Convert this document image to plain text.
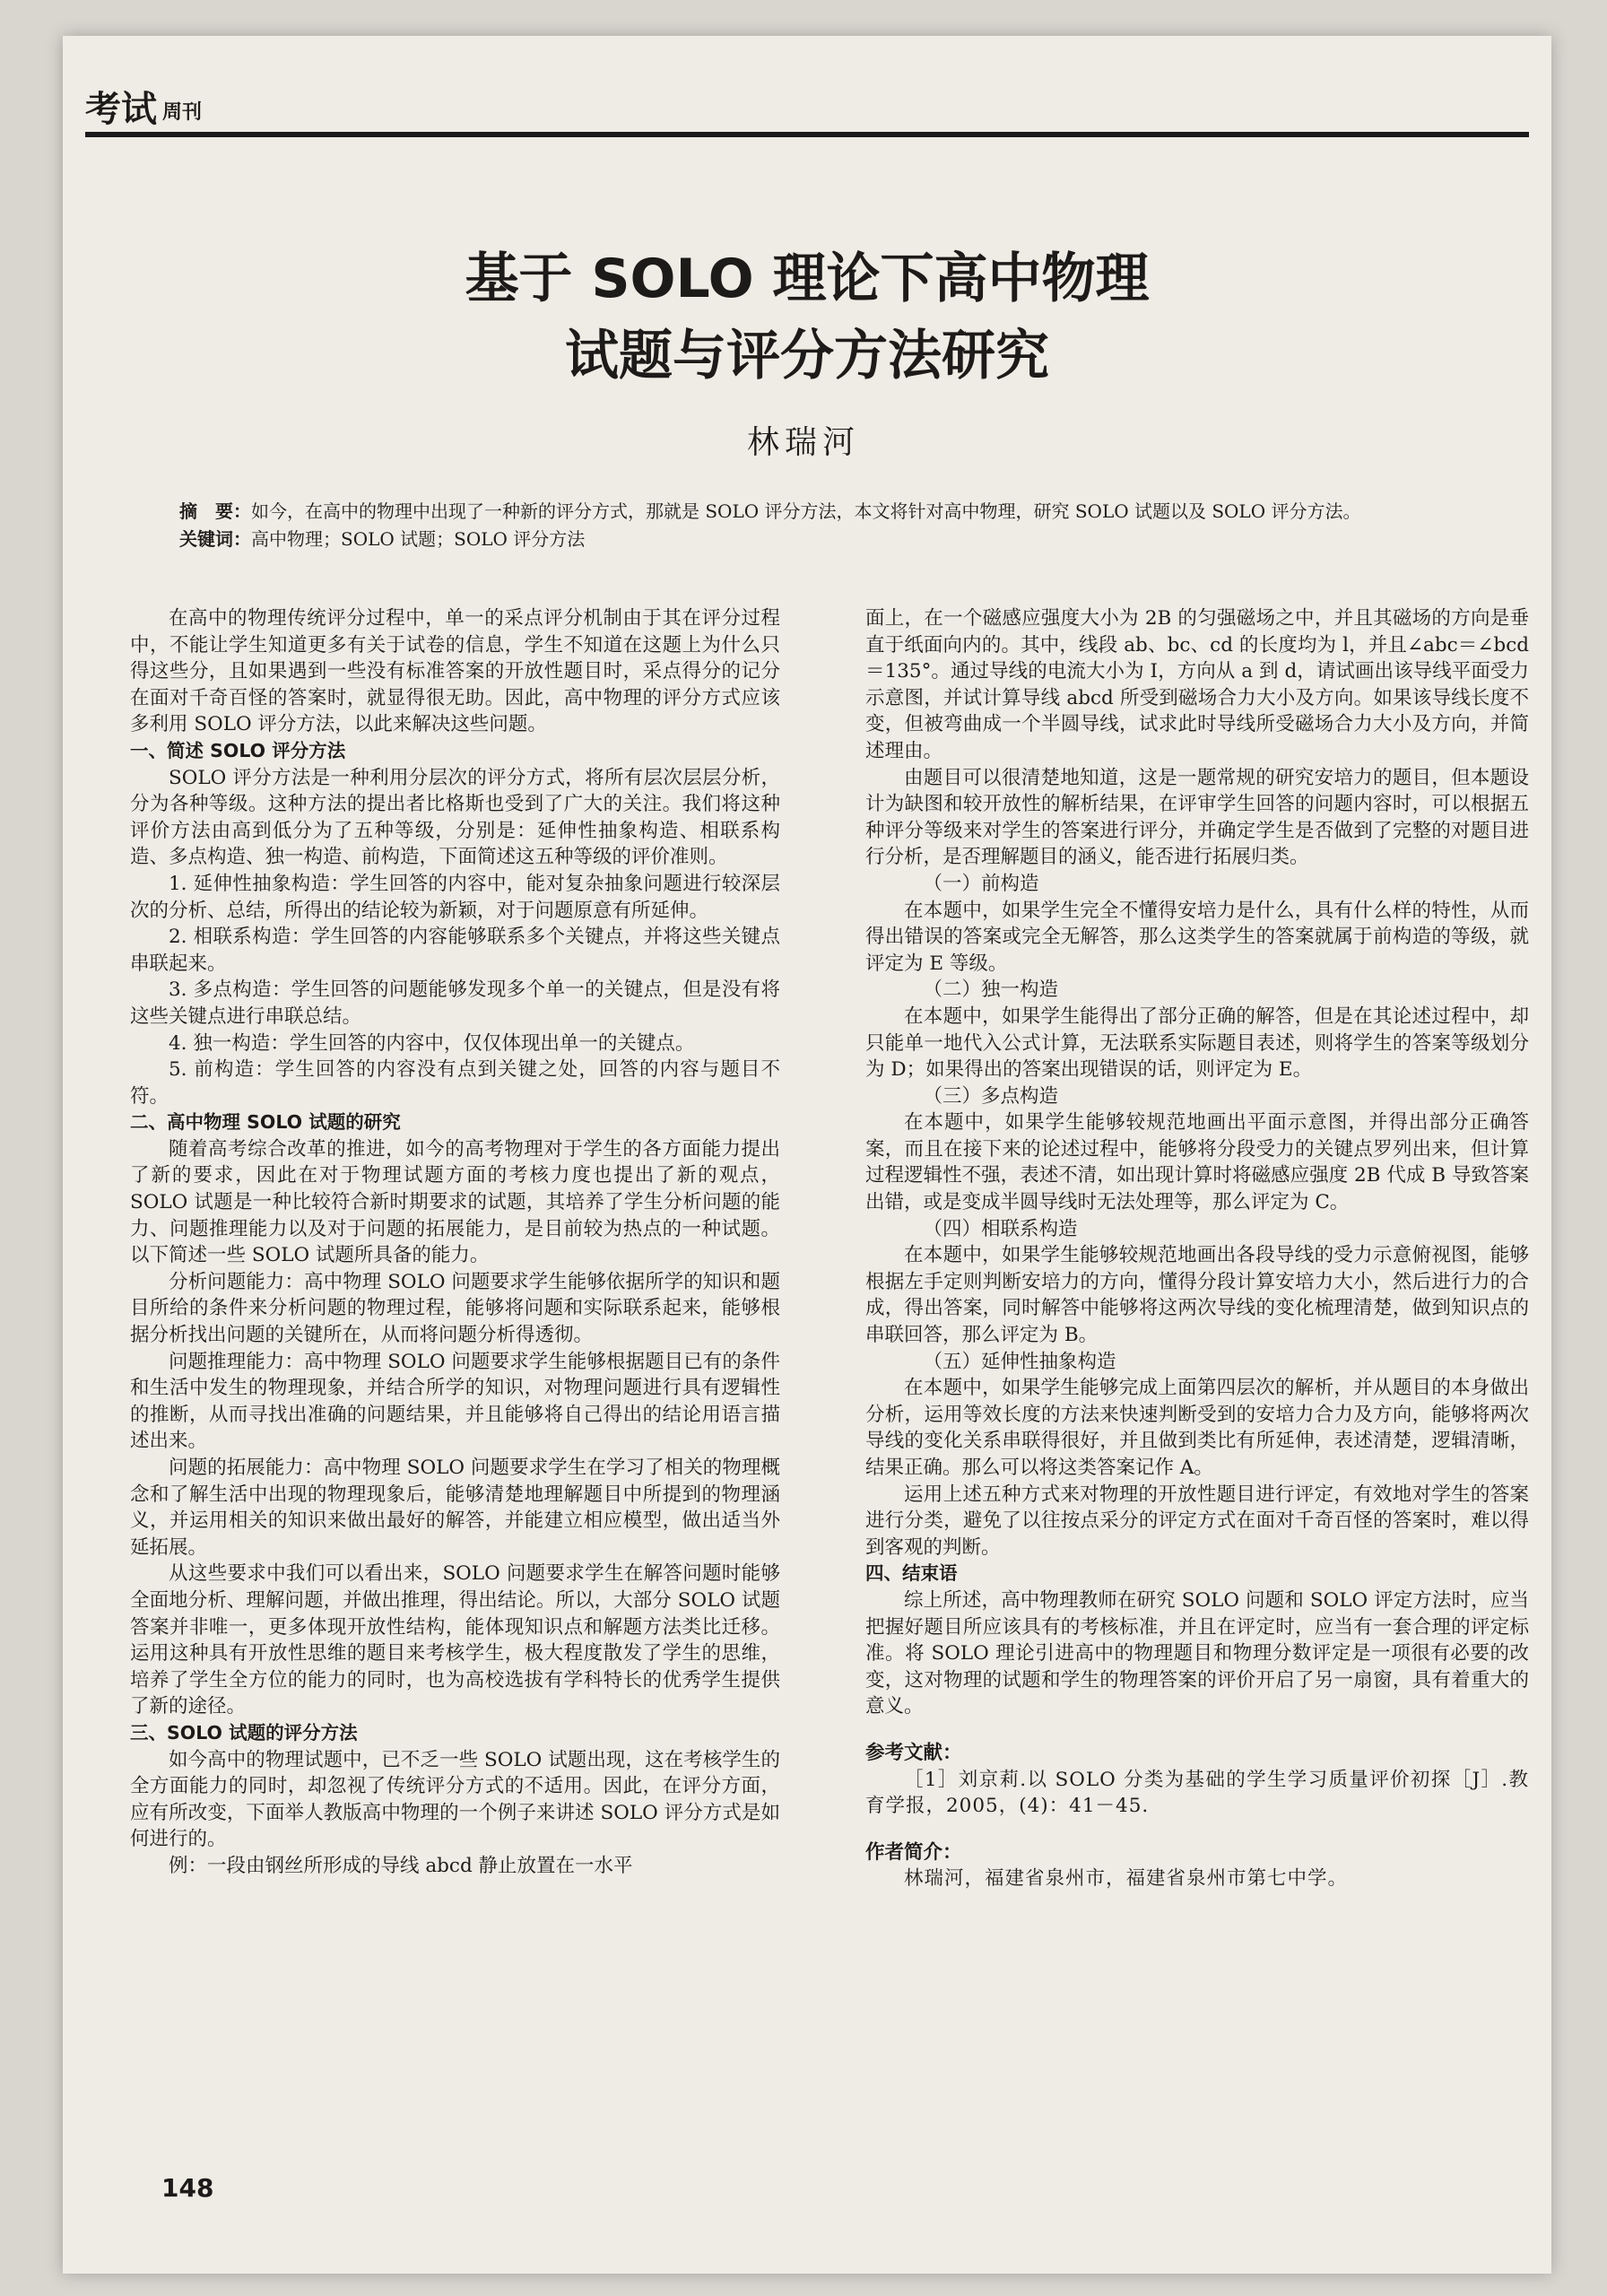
考试 周刊
基于 SOLO 理论下高中物理
试题与评分方法研究
林瑞河
摘　要：如今，在高中的物理中出现了一种新的评分方式，那就是 SOLO 评分方法，本文将针对高中物理，研究 SOLO 试题以及 SOLO 评分方法。
关键词：高中物理；SOLO 试题；SOLO 评分方法

在高中的物理传统评分过程中，单一的采点评分机制由于其在评分过程中，不能让学生知道更多有关于试卷的信息，学生不知道在这题上为什么只得这些分，且如果遇到一些没有标准答案的开放性题目时，采点得分的记分在面对千奇百怪的答案时，就显得很无助。因此，高中物理的评分方式应该多利用 SOLO 评分方法，以此来解决这些问题。

一、简述 SOLO 评分方法

SOLO 评分方法是一种利用分层次的评分方式，将所有层次层层分析，分为各种等级。这种方法的提出者比格斯也受到了广大的关注。我们将这种评价方法由高到低分为了五种等级，分别是：延伸性抽象构造、相联系构造、多点构造、独一构造、前构造，下面简述这五种等级的评价准则。

1. 延伸性抽象构造：学生回答的内容中，能对复杂抽象问题进行较深层次的分析、总结，所得出的结论较为新颖，对于问题原意有所延伸。

2. 相联系构造：学生回答的内容能够联系多个关键点，并将这些关键点串联起来。

3. 多点构造：学生回答的问题能够发现多个单一的关键点，但是没有将这些关键点进行串联总结。

4. 独一构造：学生回答的内容中，仅仅体现出单一的关键点。

5. 前构造：学生回答的内容没有点到关键之处，回答的内容与题目不符。

二、高中物理 SOLO 试题的研究

随着高考综合改革的推进，如今的高考物理对于学生的各方面能力提出了新的要求，因此在对于物理试题方面的考核力度也提出了新的观点，SOLO 试题是一种比较符合新时期要求的试题，其培养了学生分析问题的能力、问题推理能力以及对于问题的拓展能力，是目前较为热点的一种试题。以下简述一些 SOLO 试题所具备的能力。

分析问题能力：高中物理 SOLO 问题要求学生能够依据所学的知识和题目所给的条件来分析问题的物理过程，能够将问题和实际联系起来，能够根据分析找出问题的关键所在，从而将问题分析得透彻。

问题推理能力：高中物理 SOLO 问题要求学生能够根据题目已有的条件和生活中发生的物理现象，并结合所学的知识，对物理问题进行具有逻辑性的推断，从而寻找出准确的问题结果，并且能够将自己得出的结论用语言描述出来。

问题的拓展能力：高中物理 SOLO 问题要求学生在学习了相关的物理概念和了解生活中出现的物理现象后，能够清楚地理解题目中所提到的物理涵义，并运用相关的知识来做出最好的解答，并能建立相应模型，做出适当外延拓展。

从这些要求中我们可以看出来，SOLO 问题要求学生在解答问题时能够全面地分析、理解问题，并做出推理，得出结论。所以，大部分 SOLO 试题答案并非唯一，更多体现开放性结构，能体现知识点和解题方法类比迁移。运用这种具有开放性思维的题目来考核学生，极大程度散发了学生的思维，培养了学生全方位的能力的同时，也为高校选拔有学科特长的优秀学生提供了新的途径。

三、SOLO 试题的评分方法

如今高中的物理试题中，已不乏一些 SOLO 试题出现，这在考核学生的全方面能力的同时，却忽视了传统评分方式的不适用。因此，在评分方面，应有所改变，下面举人教版高中物理的一个例子来讲述 SOLO 评分方式是如何进行的。

例：一段由钢丝所形成的导线 abcd 静止放置在一水平

面上，在一个磁感应强度大小为 2B 的匀强磁场之中，并且其磁场的方向是垂直于纸面向内的。其中，线段 ab、bc、cd 的长度均为 l，并且∠abc＝∠bcd＝135°。通过导线的电流大小为 I，方向从 a 到 d，请试画出该导线平面受力示意图，并试计算导线 abcd 所受到磁场合力大小及方向。如果该导线长度不变，但被弯曲成一个半圆导线，试求此时导线所受磁场合力大小及方向，并简述理由。

由题目可以很清楚地知道，这是一题常规的研究安培力的题目，但本题设计为缺图和较开放性的解析结果，在评审学生回答的问题内容时，可以根据五种评分等级来对学生的答案进行评分，并确定学生是否做到了完整的对题目进行分析，是否理解题目的涵义，能否进行拓展归类。

（一）前构造

在本题中，如果学生完全不懂得安培力是什么，具有什么样的特性，从而得出错误的答案或完全无解答，那么这类学生的答案就属于前构造的等级，就评定为 E 等级。

（二）独一构造

在本题中，如果学生能得出了部分正确的解答，但是在其论述过程中，却只能单一地代入公式计算，无法联系实际题目表述，则将学生的答案等级划分为 D；如果得出的答案出现错误的话，则评定为 E。

（三）多点构造

在本题中，如果学生能够较规范地画出平面示意图，并得出部分正确答案，而且在接下来的论述过程中，能够将分段受力的关键点罗列出来，但计算过程逻辑性不强，表述不清，如出现计算时将磁感应强度 2B 代成 B 导致答案出错，或是变成半圆导线时无法处理等，那么评定为 C。

（四）相联系构造

在本题中，如果学生能够较规范地画出各段导线的受力示意俯视图，能够根据左手定则判断安培力的方向，懂得分段计算安培力大小，然后进行力的合成，得出答案，同时解答中能够将这两次导线的变化梳理清楚，做到知识点的串联回答，那么评定为 B。

（五）延伸性抽象构造

在本题中，如果学生能够完成上面第四层次的解析，并从题目的本身做出分析，运用等效长度的方法来快速判断受到的安培力合力及方向，能够将两次导线的变化关系串联得很好，并且做到类比有所延伸，表述清楚，逻辑清晰，结果正确。那么可以将这类答案记作 A。

运用上述五种方式来对物理的开放性题目进行评定，有效地对学生的答案进行分类，避免了以往按点采分的评定方式在面对千奇百怪的答案时，难以得到客观的判断。

四、结束语

综上所述，高中物理教师在研究 SOLO 问题和 SOLO 评定方法时，应当把握好题目所应该具有的考核标准，并且在评定时，应当有一套合理的评定标准。将 SOLO 理论引进高中的物理题目和物理分数评定是一项很有必要的改变，这对物理的试题和学生的物理答案的评价开启了另一扇窗，具有着重大的意义。

参考文献：

［1］刘京莉.以 SOLO 分类为基础的学生学习质量评价初探［J］.教育学报，2005，(4)：41－45.

作者简介：

林瑞河，福建省泉州市，福建省泉州市第七中学。

148
